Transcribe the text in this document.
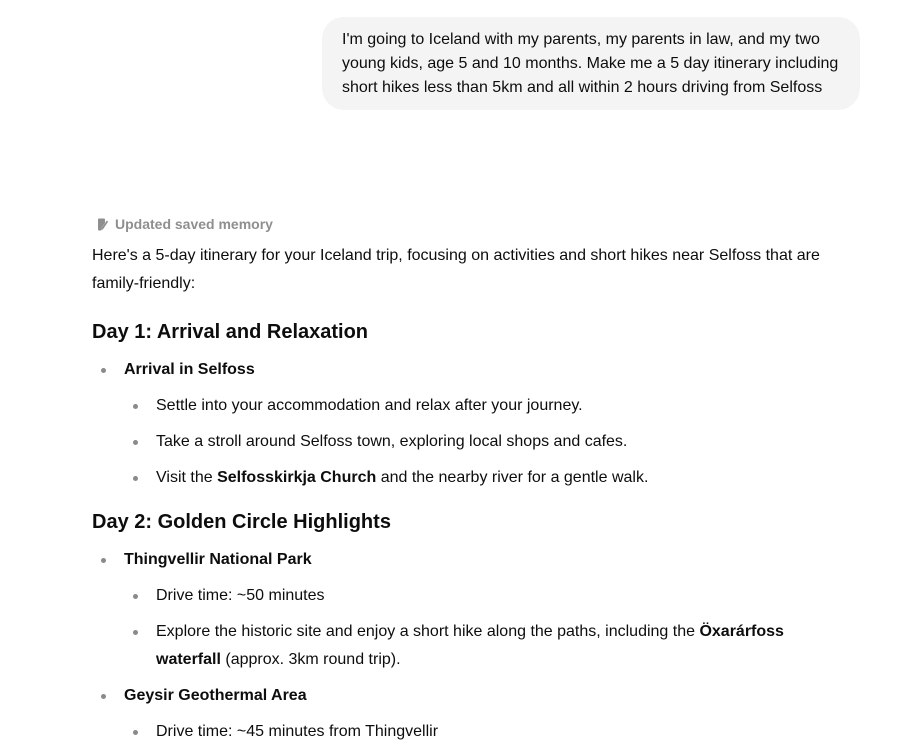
I'm going to Iceland with my parents, my parents in law, and my two young kids, age 5 and 10 months. Make me a 5 day itinerary including short hikes less than 5km and all within 2 hours driving from Selfoss
Updated saved memory

Here's a 5-day itinerary for your Iceland trip, focusing on activities and short hikes near Selfoss that are family-friendly:

Day 1: Arrival and Relaxation
Arrival in Selfoss
Settle into your accommodation and relax after your journey.
Take a stroll around Selfoss town, exploring local shops and cafes.
Visit the Selfosskirkja Church and the nearby river for a gentle walk.
Day 2: Golden Circle Highlights
Thingvellir National Park
Drive time: ~50 minutes
Explore the historic site and enjoy a short hike along the paths, including the Öxarárfoss waterfall (approx. 3km round trip).
Geysir Geothermal Area
Drive time: ~45 minutes from Thingvellir
